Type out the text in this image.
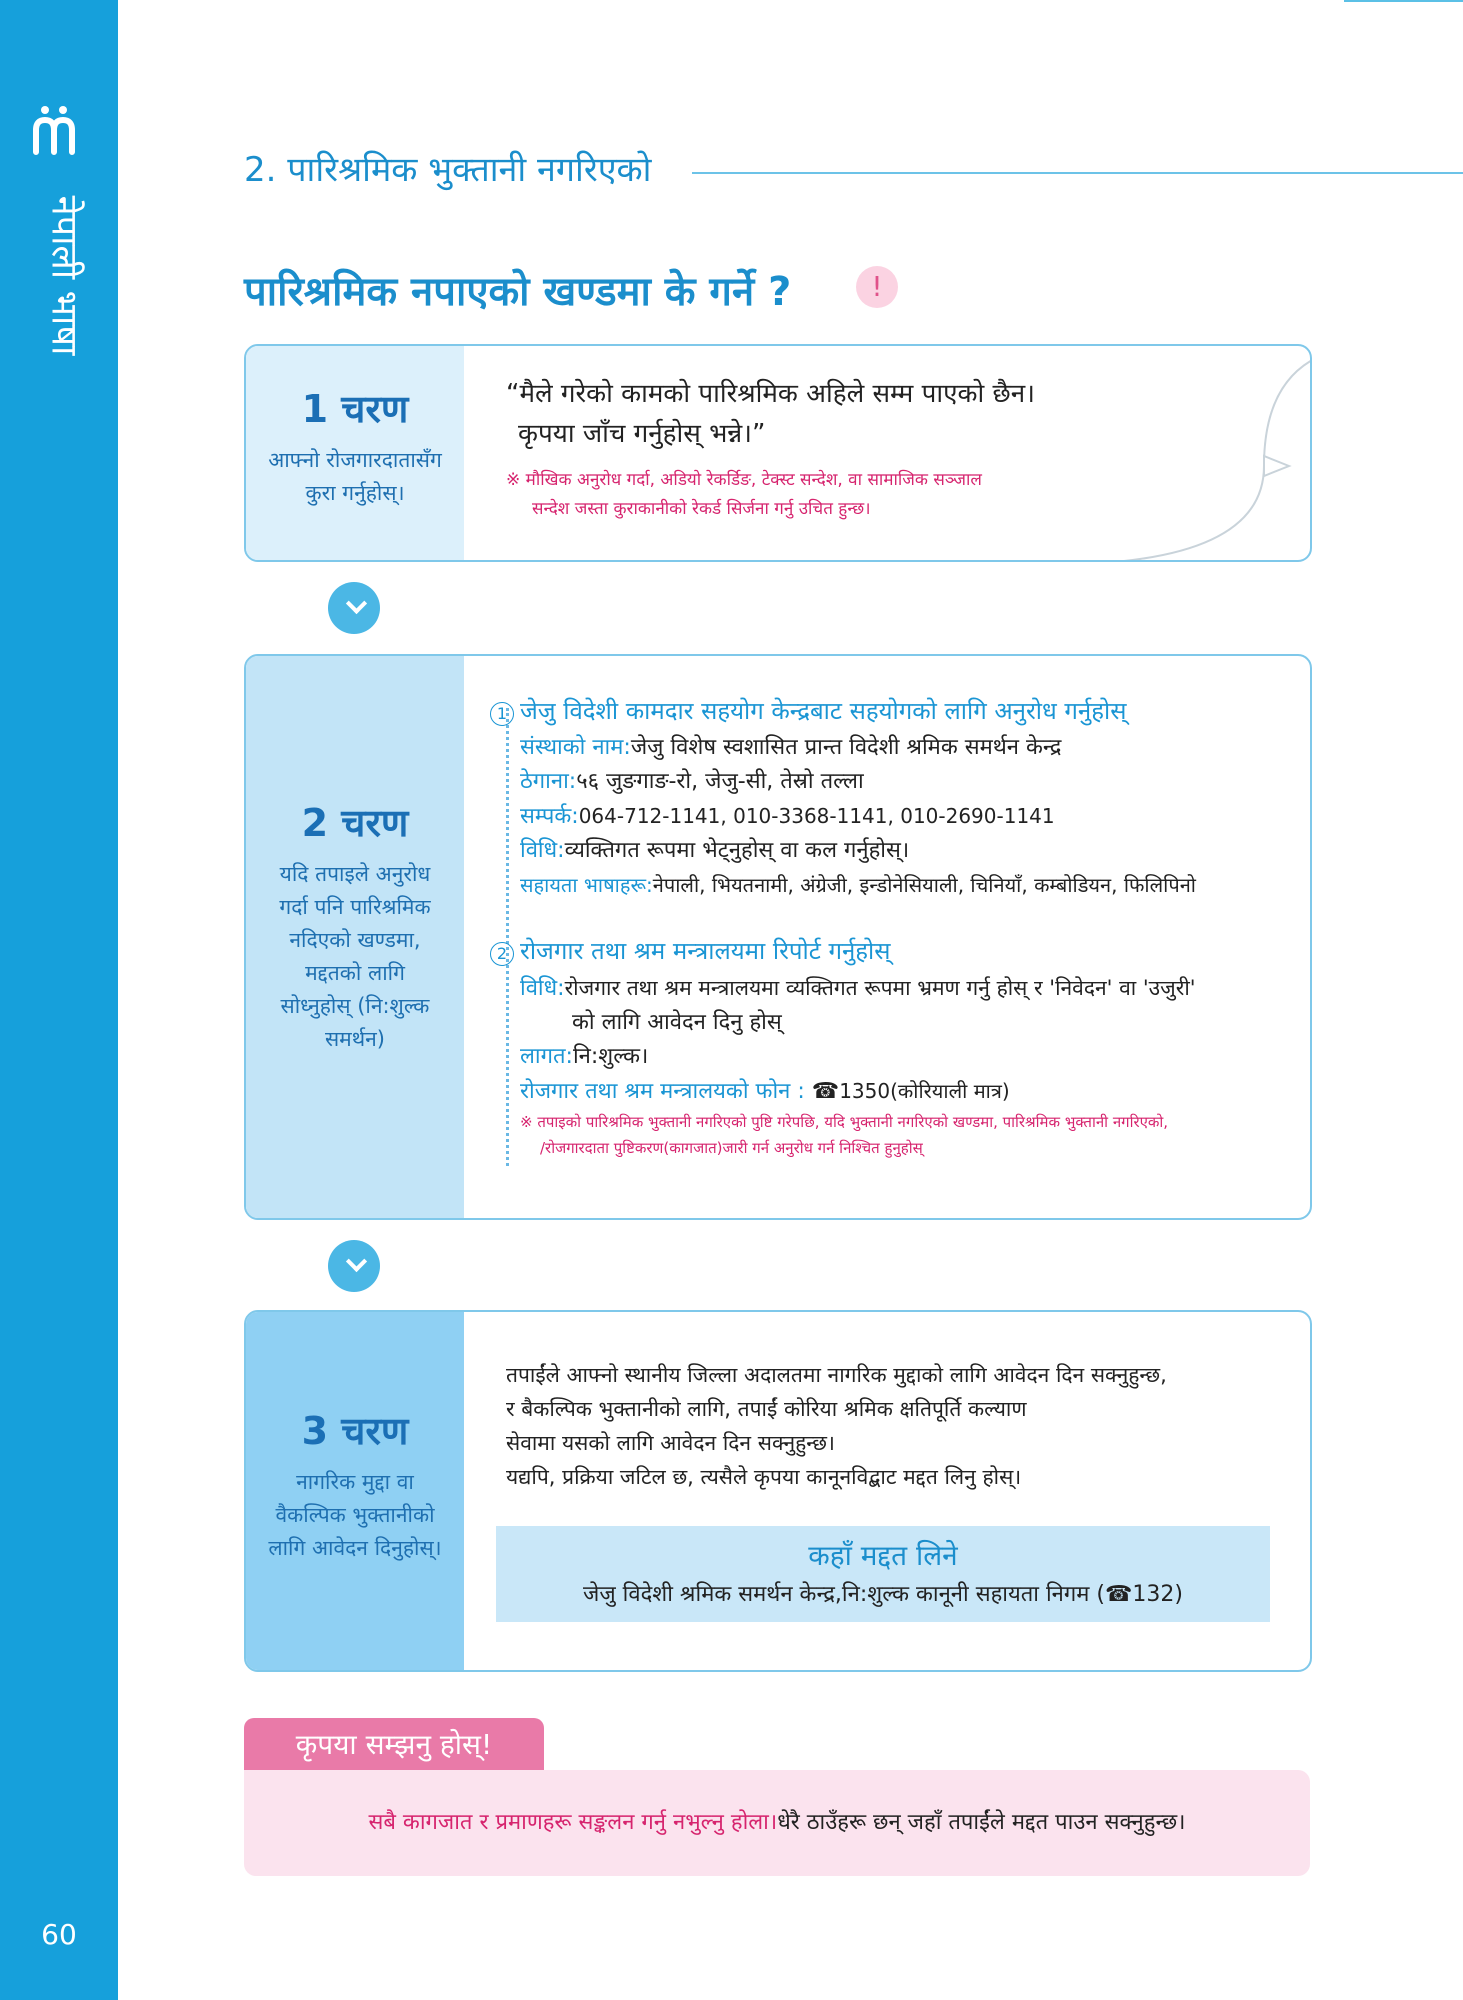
नेपाली भाषा
60
2. पारिश्रमिक भुक्तानी नगरिएको
पारिश्रमिक नपाएको खण्डमा के गर्ने ?	!
1 चरण
आफ्नो रोजगारदातासँग कुरा गर्नुहोस्।
“मैले गरेको कामको पारिश्रमिक अहिले सम्म पाएको छैन।
कृपया जाँच गर्नुहोस् भन्ने।”
※ मौखिक अनुरोध गर्दा, अडियो रेकर्डिङ, टेक्स्ट सन्देश, वा सामाजिक सञ्जाल
सन्देश जस्ता कुराकानीको रेकर्ड सिर्जना गर्नु उचित हुन्छ।
2 चरण
यदि तपाइले अनुरोध गर्दा पनि पारिश्रमिक नदिएको खण्डमा, मद्दतको लागि सोध्नुहोस् (नि:शुल्क समर्थन)
1 जेजु विदेशी कामदार सहयोग केन्द्रबाट सहयोगको लागि अनुरोध गर्नुहोस्
संस्थाको नाम:जेजु विशेष स्वशासित प्रान्त विदेशी श्रमिक समर्थन केन्द्र
ठेगाना:५६ जुङगाङ-रो, जेजु-सी, तेस्रो तल्ला
सम्पर्क:064-712-1141, 010-3368-1141, 010-2690-1141
विधि:व्यक्तिगत रूपमा भेट्नुहोस् वा कल गर्नुहोस्।
सहायता भाषाहरू:नेपाली, भियतनामी, अंग्रेजी, इन्डोनेसियाली, चिनियाँ, कम्बोडियन, फिलिपिनो
2 रोजगार तथा श्रम मन्त्रालयमा रिपोर्ट गर्नुहोस्
विधि:रोजगार तथा श्रम मन्त्रालयमा व्यक्तिगत रूपमा भ्रमण गर्नु होस् र 'निवेदन' वा 'उजुरी'
को लागि आवेदन दिनु होस्
लागत:नि:शुल्क।
रोजगार तथा श्रम मन्त्रालयको फोन : ☎1350(कोरियाली मात्र)
※ तपाइको पारिश्रमिक भुक्तानी नगरिएको पुष्टि गरेपछि, यदि भुक्तानी नगरिएको खण्डमा, पारिश्रमिक भुक्तानी नगरिएको,
/रोजगारदाता पुष्टिकरण(कागजात)जारी गर्न अनुरोध गर्न निश्चित हुनुहोस्
3 चरण
नागरिक मुद्दा वा वैकल्पिक भुक्तानीको लागि आवेदन दिनुहोस्।
तपाईंले आफ्नो स्थानीय जिल्ला अदालतमा नागरिक मुद्दाको लागि आवेदन दिन सक्नुहुन्छ,
र बैकल्पिक भुक्तानीको लागि, तपाईं कोरिया श्रमिक क्षतिपूर्ति कल्याण
सेवामा यसको लागि आवेदन दिन सक्नुहुन्छ।
यद्यपि, प्रक्रिया जटिल छ, त्यसैले कृपया कानूनविद्बाट मद्दत लिनु होस्।
कहाँ मद्दत लिने
जेजु विदेशी श्रमिक समर्थन केन्द्र,नि:शुल्क कानूनी सहायता निगम (☎132)
कृपया सम्झनु होस्!
सबै कागजात र प्रमाणहरू सङ्कलन गर्नु नभुल्नु होला।धेरै ठाउँहरू छन् जहाँ तपाईंले मद्दत पाउन सक्नुहुन्छ।
